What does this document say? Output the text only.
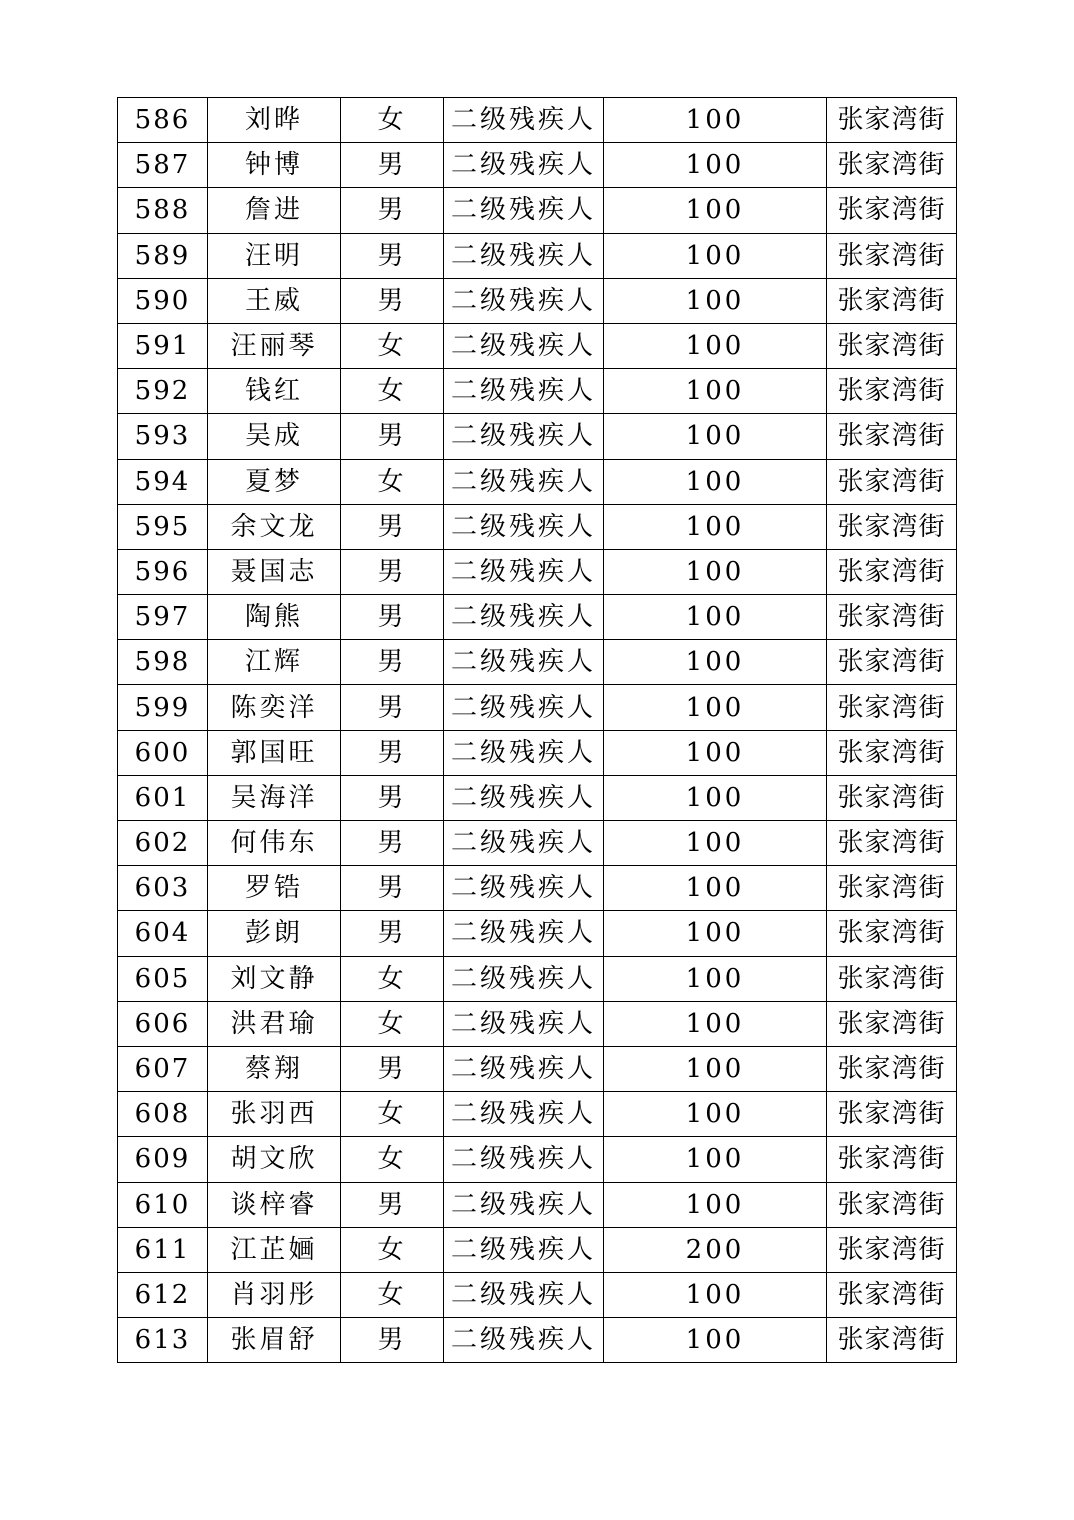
586	刘晔	女	二级残疾人	100	张家湾街
587	钟博	男	二级残疾人	100	张家湾街
588	詹进	男	二级残疾人	100	张家湾街
589	汪明	男	二级残疾人	100	张家湾街
590	王威	男	二级残疾人	100	张家湾街
591	汪丽琴	女	二级残疾人	100	张家湾街
592	钱红	女	二级残疾人	100	张家湾街
593	吴成	男	二级残疾人	100	张家湾街
594	夏梦	女	二级残疾人	100	张家湾街
595	余文龙	男	二级残疾人	100	张家湾街
596	聂国志	男	二级残疾人	100	张家湾街
597	陶熊	男	二级残疾人	100	张家湾街
598	江辉	男	二级残疾人	100	张家湾街
599	陈奕洋	男	二级残疾人	100	张家湾街
600	郭国旺	男	二级残疾人	100	张家湾街
601	吴海洋	男	二级残疾人	100	张家湾街
602	何伟东	男	二级残疾人	100	张家湾街
603	罗锆	男	二级残疾人	100	张家湾街
604	彭朗	男	二级残疾人	100	张家湾街
605	刘文静	女	二级残疾人	100	张家湾街
606	洪君瑜	女	二级残疾人	100	张家湾街
607	蔡翔	男	二级残疾人	100	张家湾街
608	张羽西	女	二级残疾人	100	张家湾街
609	胡文欣	女	二级残疾人	100	张家湾街
610	谈梓睿	男	二级残疾人	100	张家湾街
611	江芷婳	女	二级残疾人	200	张家湾街
612	肖羽彤	女	二级残疾人	100	张家湾街
613	张眉舒	男	二级残疾人	100	张家湾街
